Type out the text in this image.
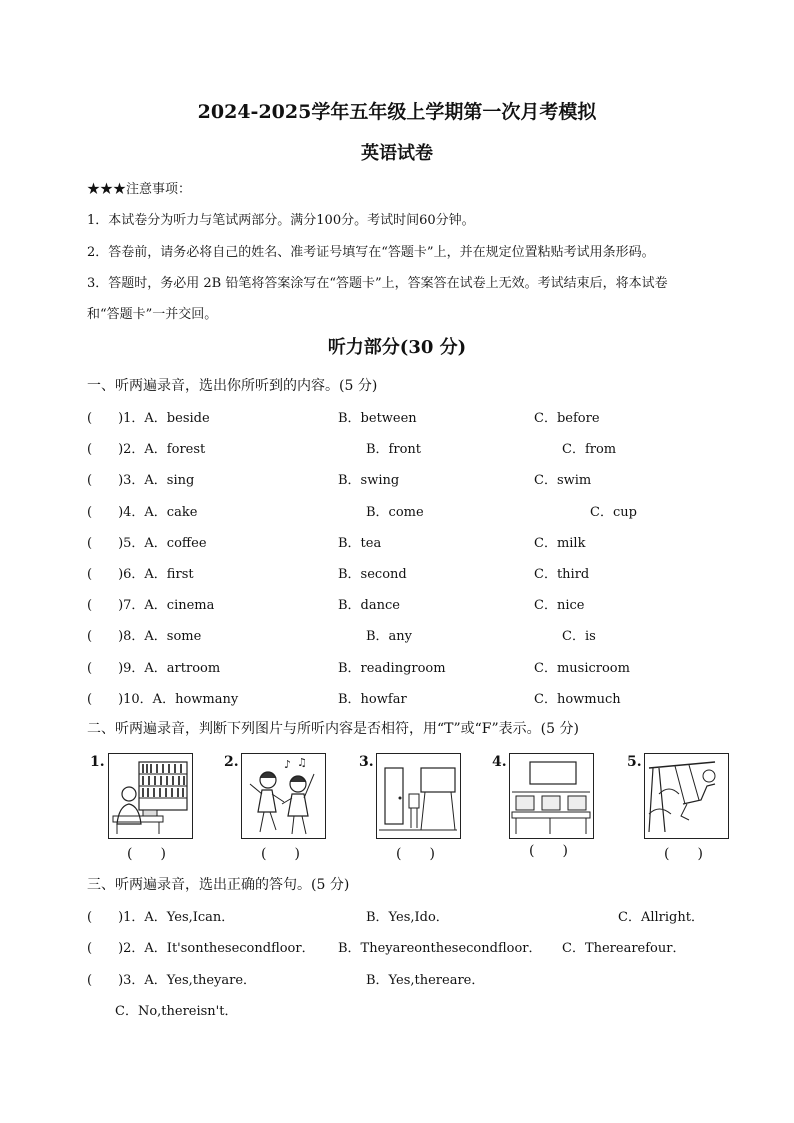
2024-2025学年五年级上学期第一次月考模拟
英语试卷
★★★注意事项：
1．本试卷分为听力与笔试两部分。满分100分。考试时间60分钟。
2．答卷前，请务必将自己的姓名、准考证号填写在“答题卡”上，并在规定位置粘贴考试用条形码。
3．答题时，务必用 2B 铅笔将答案涂写在“答题卡”上，答案答在试卷上无效。考试结束后，将本试卷
和“答题卡”一并交回。
听力部分(30 分)
一、听两遍录音，选出你所听到的内容。(5 分)
(　　)1．A．beside	B．between	C．before
(　　)2．A．forest	B．front	C．from
(　　)3．A．sing	B．swing	C．swim
(　　)4．A．cake	B．come	C．cup
(　　)5．A．coffee	B．tea	C．milk
(　　)6．A．first	B．second	C．third
(　　)7．A．cinema	B．dance	C．nice
(　　)8．A．some	B．any	C．is
(　　)9．A．artroom	B．readingroom	C．musicroom
(　　)10．A．howmany	B．howfar	C．howmuch
二、听两遍录音，判断下列图片与所听内容是否相符，用“T”或“F”表示。(5 分)
1.
(　　)
2.	♪ ♫
(　　)
3.
(　　)
4.
(　　)
5.
(　　)
三、听两遍录音，选出正确的答句。(5 分)
(　　)1．A．Yes,Ican．	B．Yes,Ido．	C．Allright．
(　　)2．A．It'sonthesecondfloor． B．Theyareonthesecondfloor． C．Therearefour．
(　　)3．A．Yes,theyare．	B．Yes,thereare．
C．No,thereisn't．
